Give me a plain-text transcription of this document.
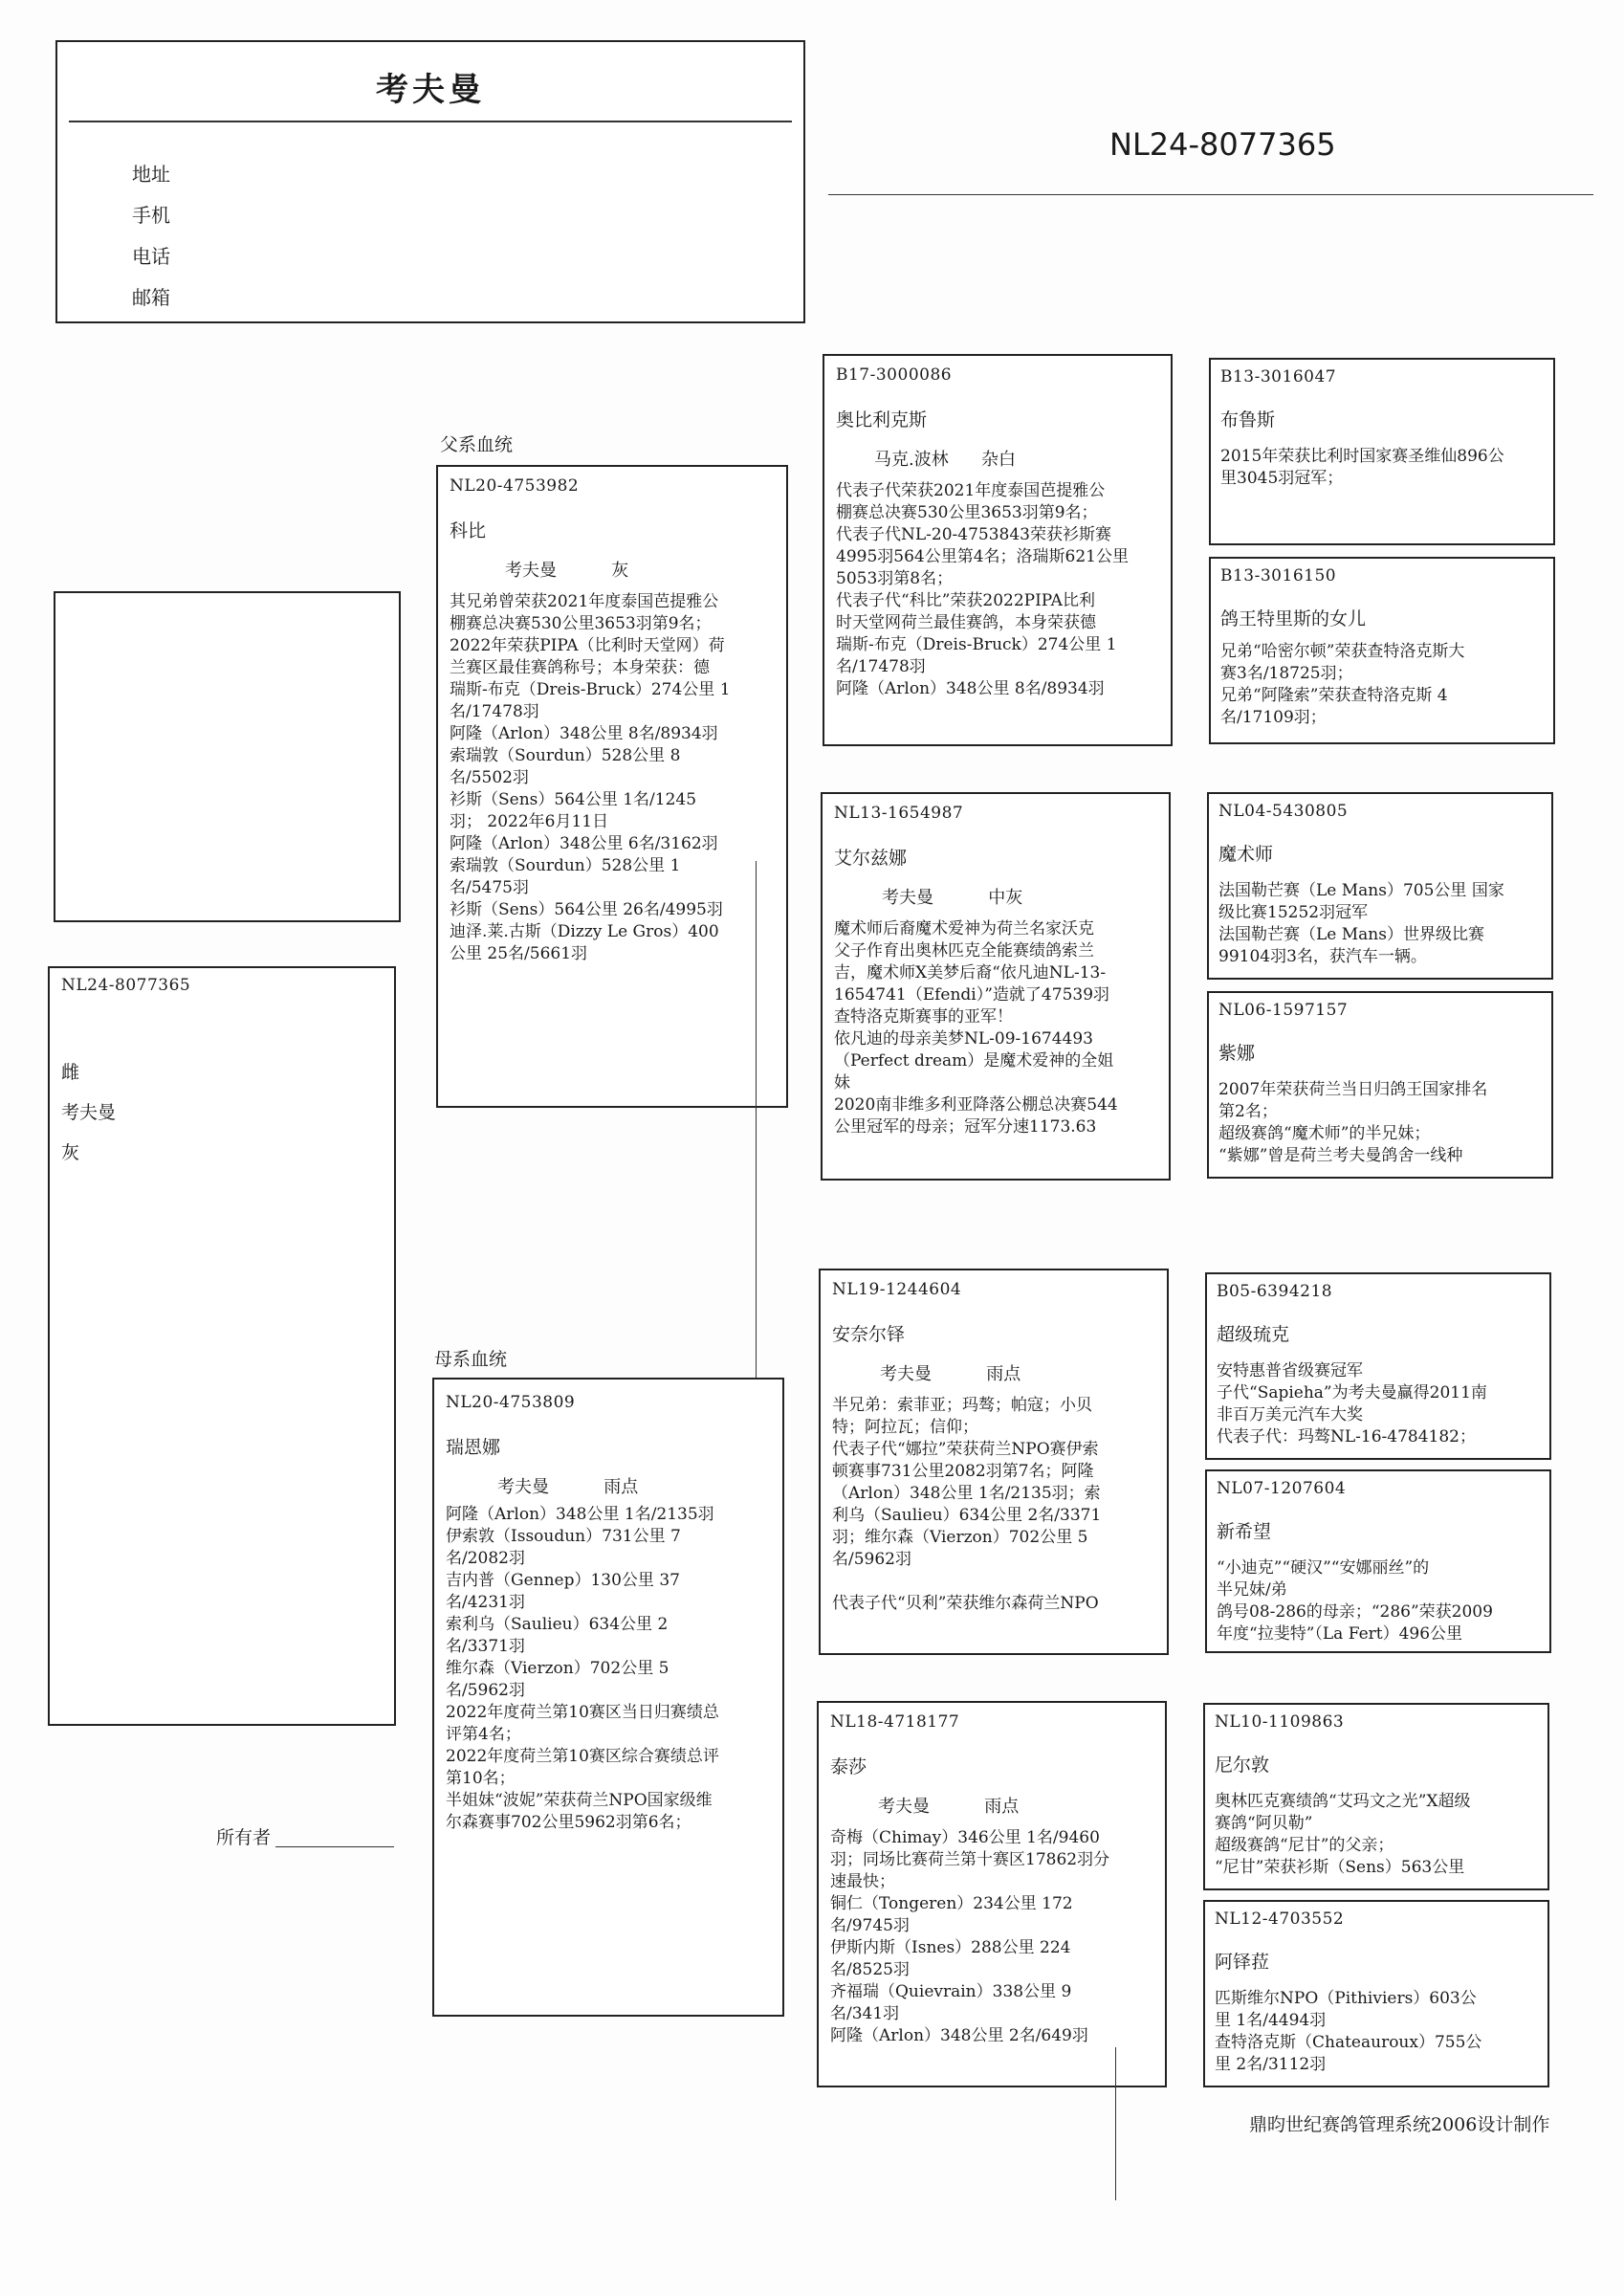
考夫曼
地址
手机
电话
邮箱
NL24-8077365
NL24-8077365
雌
考夫曼
灰
所有者
父系血统
母系血统
NL20-4753982
科比
考夫曼          灰
其兄弟曾荣获2021年度泰国芭提雅公
棚赛总决赛530公里3653羽第9名；
2022年荣获PIPA（比利时天堂网）荷
兰赛区最佳赛鸽称号；本身荣获：德
瑞斯-布克（Dreis-Bruck）274公里 1
名/17478羽
阿隆（Arlon）348公里 8名/8934羽
索瑞敦（Sourdun）528公里 8
名/5502羽
衫斯（Sens）564公里 1名/1245
羽； 2022年6月11日
阿隆（Arlon）348公里 6名/3162羽
索瑞敦（Sourdun）528公里 1
名/5475羽
衫斯（Sens）564公里 26名/4995羽
迪泽.莱.古斯（Dizzy Le Gros）400
公里 25名/5661羽
NL20-4753809
瑞恩娜
考夫曼          雨点
阿隆（Arlon）348公里 1名/2135羽
伊索敦（Issoudun）731公里 7
名/2082羽
吉内普（Gennep）130公里 37
名/4231羽
索利乌（Saulieu）634公里 2
名/3371羽
维尔森（Vierzon）702公里 5
名/5962羽
2022年度荷兰第10赛区当日归赛绩总
评第4名；
2022年度荷兰第10赛区综合赛绩总评
第10名；
半姐妹“波妮”荣获荷兰NPO国家级维
尔森赛事702公里5962羽第6名；
B17-3000086
奥比利克斯
马克.波林      杂白
代表子代荣获2021年度泰国芭提雅公
棚赛总决赛530公里3653羽第9名；
代表子代NL-20-4753843荣获衫斯赛
4995羽564公里第4名；洛瑞斯621公里
5053羽第8名；
代表子代“科比”荣获2022PIPA比利
时天堂网荷兰最佳赛鸽，本身荣获德
瑞斯-布克（Dreis-Bruck）274公里 1
名/17478羽
阿隆（Arlon）348公里 8名/8934羽
NL13-1654987
艾尔兹娜
考夫曼          中灰
魔术师后裔魔术爱神为荷兰名家沃克
父子作育出奥林匹克全能赛绩鸽索兰
吉，魔术师X美梦后裔“依凡迪NL-13-
1654741（Efendi）”造就了47539羽
查特洛克斯赛事的亚军！
依凡迪的母亲美梦NL-09-1674493
（Perfect dream）是魔术爱神的全姐
妹
2020南非维多利亚降落公棚总决赛544
公里冠军的母亲；冠军分速1173.63
NL19-1244604
安奈尔铎
考夫曼          雨点
半兄弟：索菲亚；玛骜；帕寇；小贝
特；阿拉瓦；信仰；
代表子代“娜拉”荣获荷兰NPO赛伊索
顿赛事731公里2082羽第7名；阿隆
（Arlon）348公里 1名/2135羽；索
利乌（Saulieu）634公里 2名/3371
羽；维尔森（Vierzon）702公里 5
名/5962羽

代表子代“贝利”荣获维尔森荷兰NPO
NL18-4718177
泰莎
考夫曼          雨点
奇梅（Chimay）346公里 1名/9460
羽；同场比赛荷兰第十赛区17862羽分
速最快；
铜仁（Tongeren）234公里 172
名/9745羽
伊斯内斯（Isnes）288公里 224
名/8525羽
齐福瑞（Quievrain）338公里 9
名/341羽
阿隆（Arlon）348公里 2名/649羽
B13-3016047
布鲁斯
2015年荣获比利时国家赛圣维仙896公
里3045羽冠军；
B13-3016150
鸽王特里斯的女儿
兄弟“哈密尔顿”荣获查特洛克斯大
赛3名/18725羽；
兄弟“阿隆索”荣获查特洛克斯 4
名/17109羽；
NL04-5430805
魔术师
法国勒芒赛（Le Mans）705公里 国家
级比赛15252羽冠军
法国勒芒赛（Le Mans）世界级比赛
99104羽3名，获汽车一辆。
NL06-1597157
紫娜
2007年荣获荷兰当日归鸽王国家排名
第2名；
超级赛鸽“魔术师”的半兄妹；
“紫娜”曾是荷兰考夫曼鸽舍一线种
B05-6394218
超级琉克
安特惠普省级赛冠军
子代“Sapieha”为考夫曼赢得2011南
非百万美元汽车大奖
代表子代：玛骜NL-16-4784182；
NL07-1207604
新希望
“小迪克”“硬汉”“安娜丽丝”的
半兄妹/弟
鸽号08-286的母亲；“286”荣获2009
年度“拉斐特”（La Fert）496公里
NL10-1109863
尼尔敦
奥林匹克赛绩鸽“艾玛文之光”X超级
赛鸽“阿贝勒”
超级赛鸽“尼甘”的父亲；
“尼甘”荣获衫斯（Sens）563公里
NL12-4703552
阿铎菈
匹斯维尔NPO（Pithiviers）603公
里 1名/4494羽
查特洛克斯（Chateauroux）755公
里 2名/3112羽
鼎昀世纪赛鸽管理系统2006设计制作
